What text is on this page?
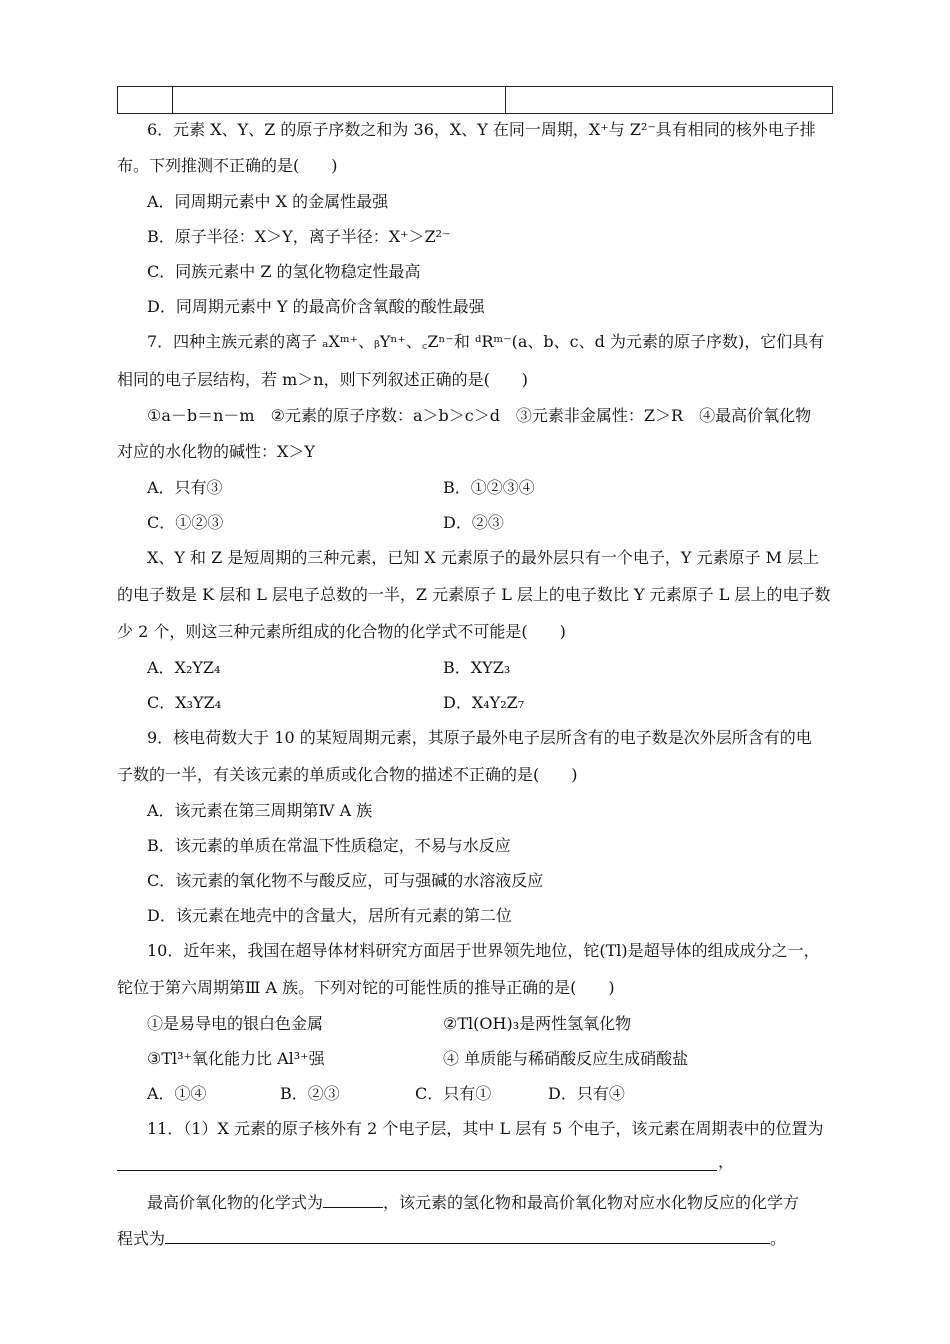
6．元素 X、Y、Z 的原子序数之和为 36，X、Y 在同一周期，X⁺与 Z²⁻具有相同的核外电子排
布。下列推测不正确的是(　　)
A．同周期元素中 X 的金属性最强
B．原子半径：X＞Y，离子半径：X⁺＞Z²⁻
C．同族元素中 Z 的氢化物稳定性最高
D．同周期元素中 Y 的最高价含氧酸的酸性最强
7．四种主族元素的离子 ₐXᵐ⁺、ᵦYⁿ⁺、꜀Zⁿ⁻和 ᵈRᵐ⁻(a、b、c、d 为元素的原子序数)，它们具有
相同的电子层结构，若 m＞n，则下列叙述正确的是(　　)
①a－b＝n－m　②元素的原子序数：a＞b＞c＞d　③元素非金属性：Z＞R　④最高价氧化物
对应的水化物的碱性：X＞Y
A．只有③	B．①②③④
C．①②③	D．②③
X、Y 和 Z 是短周期的三种元素，已知 X 元素原子的最外层只有一个电子，Y 元素原子 M 层上
的电子数是 K 层和 L 层电子总数的一半，Z 元素原子 L 层上的电子数比 Y 元素原子 L 层上的电子数
少 2 个，则这三种元素所组成的化合物的化学式不可能是(　　)
A．X₂YZ₄	B．XYZ₃
C．X₃YZ₄	D．X₄Y₂Z₇
9．核电荷数大于 10 的某短周期元素，其原子最外电子层所含有的电子数是次外层所含有的电
子数的一半，有关该元素的单质或化合物的描述不正确的是(　　)
A．该元素在第三周期第Ⅳ A 族
B．该元素的单质在常温下性质稳定，不易与水反应
C．该元素的氧化物不与酸反应，可与强碱的水溶液反应
D．该元素在地壳中的含量大，居所有元素的第二位
10．近年来，我国在超导体材料研究方面居于世界领先地位，铊(Tl)是超导体的组成成分之一，
铊位于第六周期第Ⅲ A 族。下列对铊的可能性质的推导正确的是(　　)
①是易导电的银白色金属	②Tl(OH)₃是两性氢氧化物
③Tl³⁺氧化能力比 Al³⁺强	④ 单质能与稀硝酸反应生成硝酸盐
A．①④	B．②③	C．只有①	D．只有④
11．（1）X 元素的原子核外有 2 个电子层，其中 L 层有 5 个电子，该元素在周期表中的位置为
，
最高价氧化物的化学式为	，该元素的氢化物和最高价氧化物对应水化物反应的化学方
程式为	。
